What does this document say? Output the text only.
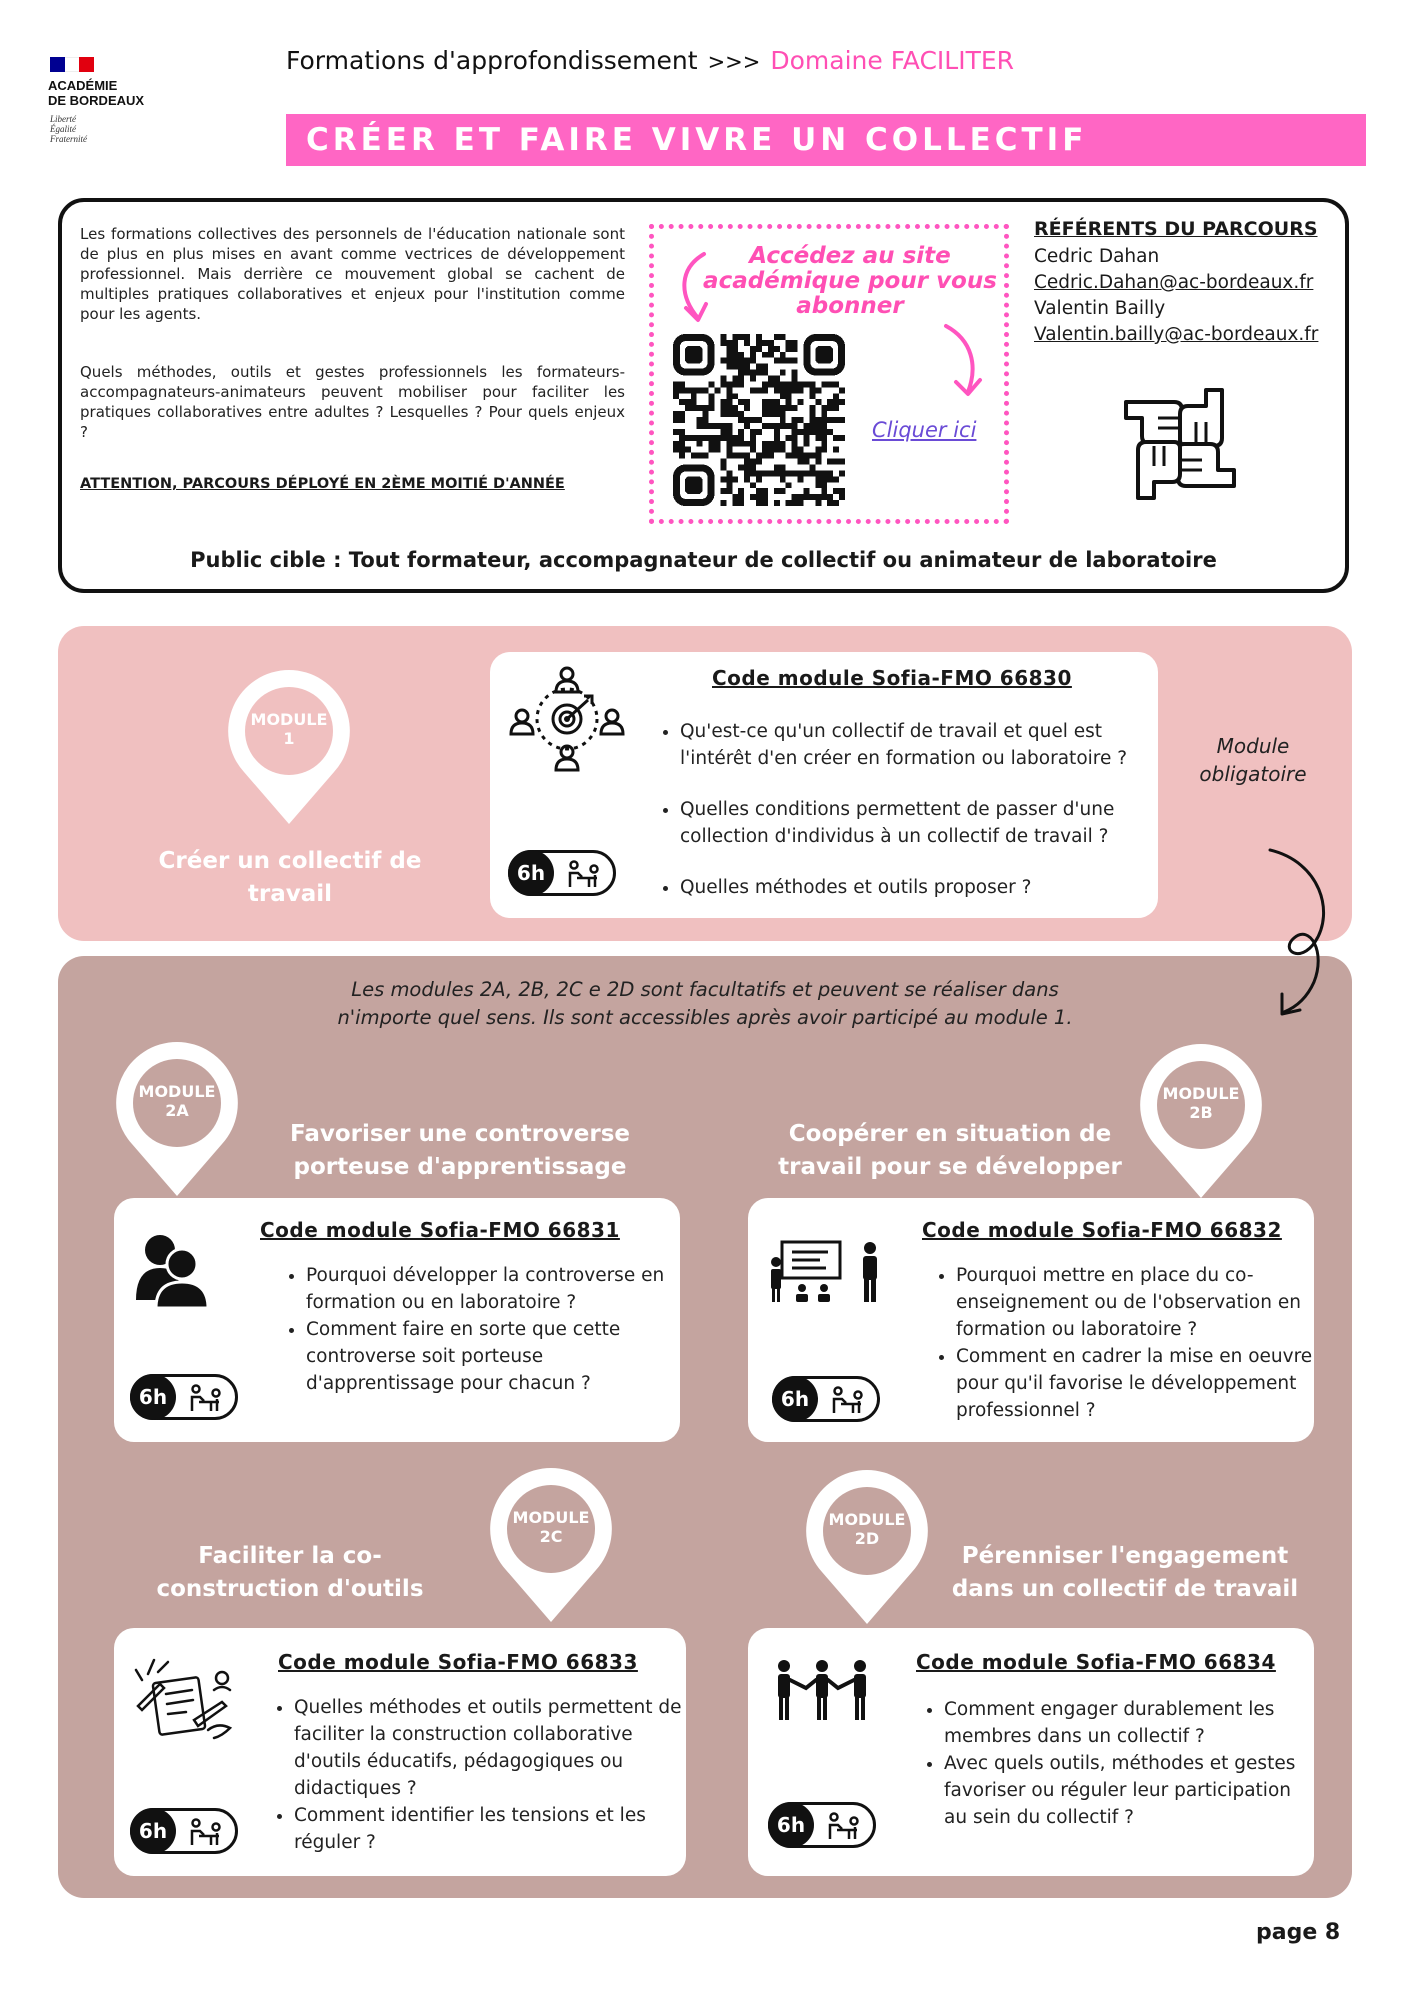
ACADÉMIE
DE BORDEAUX
Liberté
Égalité
Fraternité
Formations d'approfondissement >>> Domaine FACILITER
CRÉER ET FAIRE VIVRE UN COLLECTIF
Les formations collectives des personnels de l'éducation nationale sont de plus en plus mises en avant comme vectrices de développement professionnel. Mais derrière ce mouvement global se cachent de multiples pratiques collaboratives et enjeux pour l'institution comme pour les agents.
Quels méthodes, outils et gestes professionnels les formateurs-accompagnateurs-animateurs peuvent mobiliser pour faciliter les pratiques collaboratives entre adultes ? Lesquelles ? Pour quels enjeux ?
ATTENTION, PARCOURS DÉPLOYÉ EN 2ÈME MOITIÉ D'ANNÉE
Accédez au site académique pour vous abonner
Cliquer ici
RÉFÉRENTS DU PARCOURS
Cedric Dahan
Cedric.Dahan@ac-bordeaux.fr
Valentin Bailly
Valentin.bailly@ac-bordeaux.fr
Public cible : Tout formateur, accompagnateur de collectif ou animateur de laboratoire
MODULE
1
Créer un collectif de travail
Code module Sofia-FMO 66830
• Qu'est-ce qu'un collectif de travail et quel est l'intérêt d'en créer en formation ou laboratoire ?
• Quelles conditions permettent de passer d'une collection d'individus à un collectif de travail ?
• Quelles méthodes et outils proposer ?
6h
Module obligatoire
Les modules 2A, 2B, 2C e 2D sont facultatifs et peuvent se réaliser dans n'importe quel sens. Ils sont accessibles après avoir participé au module 1.
MODULE
2A
Favoriser une controverse porteuse d'apprentissage
Code module Sofia-FMO 66831
• Pourquoi développer la controverse en formation ou en laboratoire ?
• Comment faire en sorte que cette controverse soit porteuse d'apprentissage pour chacun ?
6h
MODULE
2B
Coopérer en situation de travail pour se développer
Code module Sofia-FMO 66832
• Pourquoi mettre en place du co-enseignement ou de l'observation en formation ou laboratoire ?
• Comment en cadrer la mise en oeuvre pour qu'il favorise le développement professionnel ?
6h
MODULE
2C
Faciliter la co-construction d'outils
Code module Sofia-FMO 66833
• Quelles méthodes et outils permettent de faciliter la construction collaborative d'outils éducatifs, pédagogiques ou didactiques ?
• Comment identifier les tensions et les réguler ?
6h
MODULE
2D
Pérenniser l'engagement dans un collectif de travail
Code module Sofia-FMO 66834
• Comment engager durablement les membres dans un collectif ?
• Avec quels outils, méthodes et gestes favoriser ou réguler leur participation au sein du collectif ?
6h
page 8
